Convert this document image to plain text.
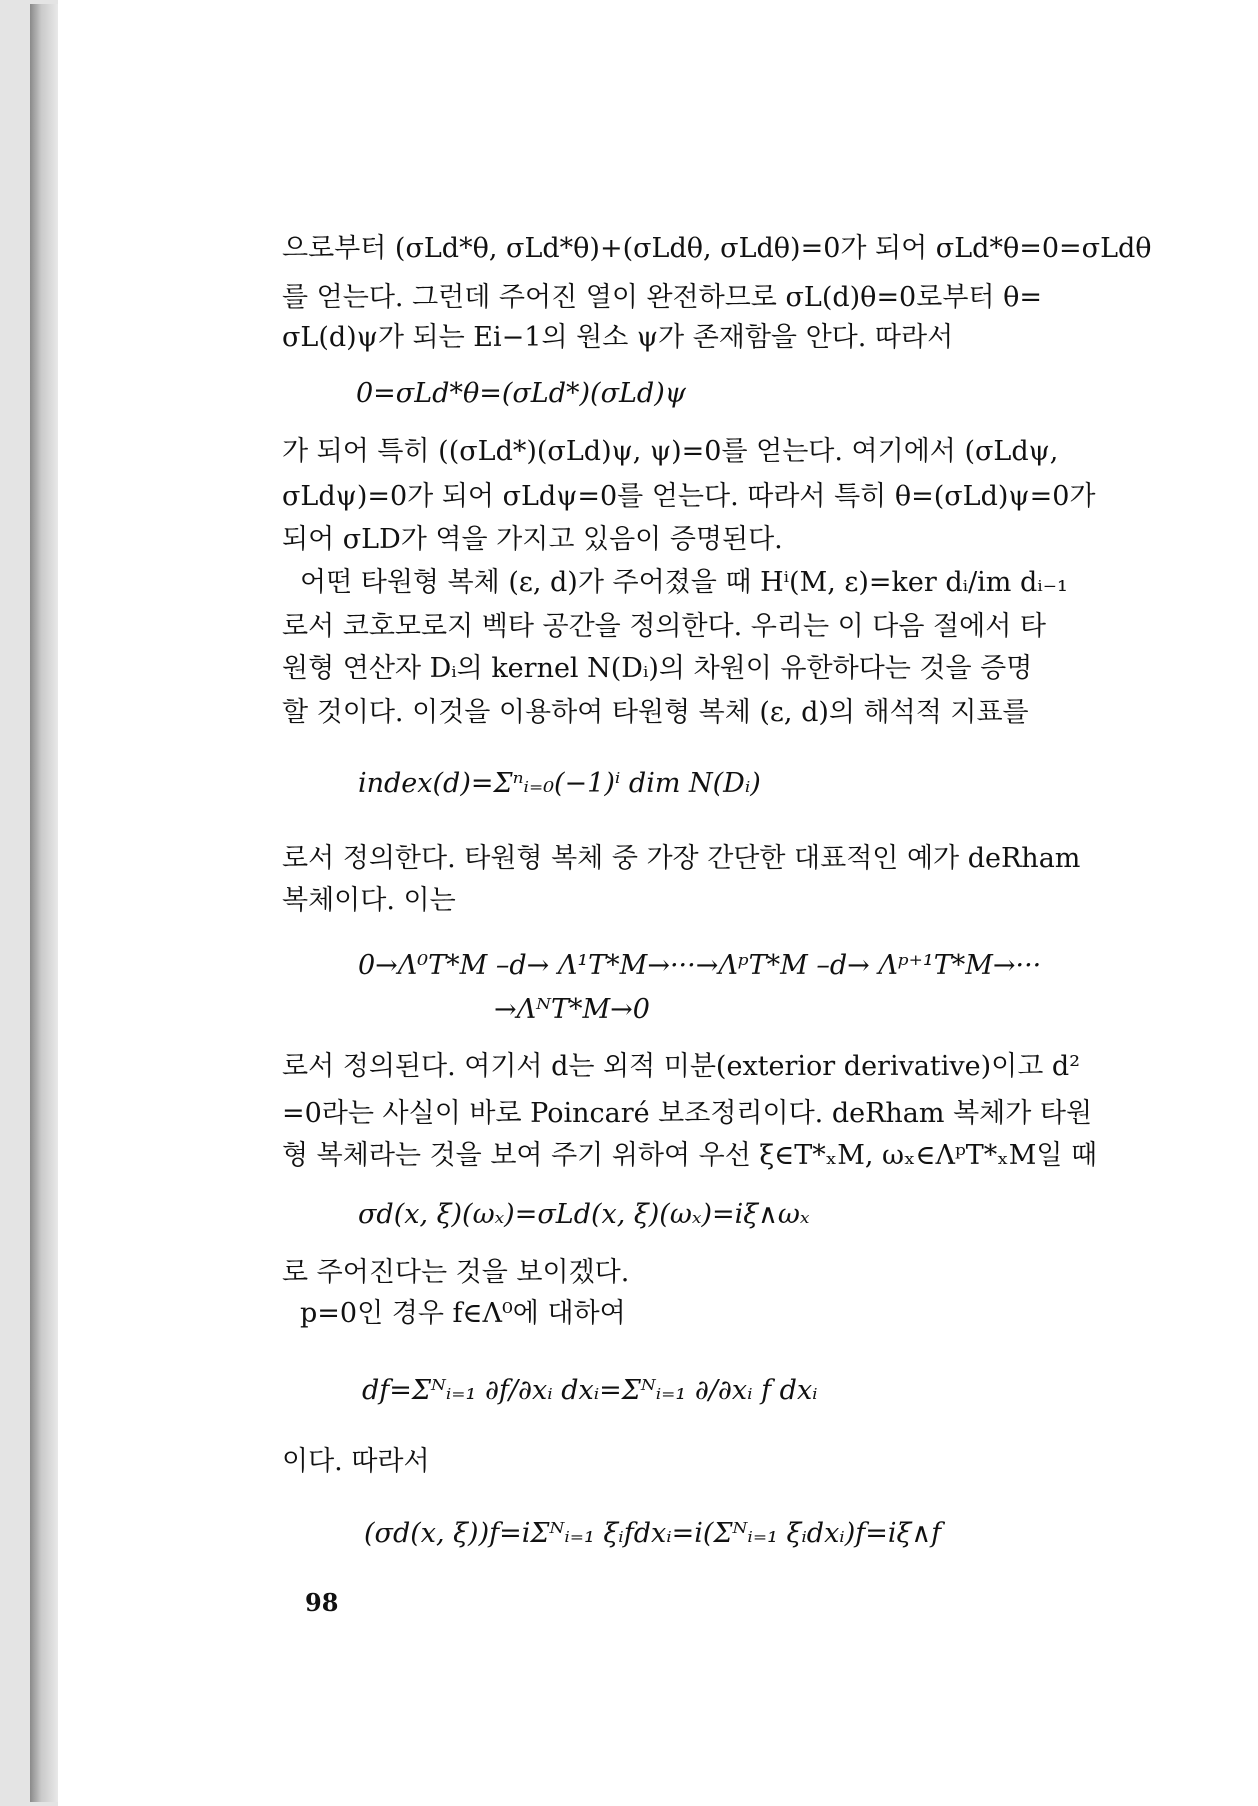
으로부터 (σLd*θ, σLd*θ)+(σLdθ, σLdθ)=0가 되어 σLd*θ=0=σLdθ
를 얻는다. 그런데 주어진 열이 완전하므로 σL(d)θ=0로부터 θ=
σL(d)ψ가 되는 Ei−1의 원소 ψ가 존재함을 안다. 따라서
0=σLd*θ=(σLd*)(σLd)ψ
가 되어 특히 ((σLd*)(σLd)ψ, ψ)=0를 얻는다. 여기에서 (σLdψ,
σLdψ)=0가 되어 σLdψ=0를 얻는다. 따라서 특히 θ=(σLd)ψ=0가
되어 σLD가 역을 가지고 있음이 증명된다.
어떤 타원형 복체 (ε, d)가 주어졌을 때 Hⁱ(M, ε)=ker dᵢ/im dᵢ₋₁
로서 코호모로지 벡타 공간을 정의한다. 우리는 이 다음 절에서 타
원형 연산자 Dᵢ의 kernel N(Dᵢ)의 차원이 유한하다는 것을 증명
할 것이다. 이것을 이용하여 타원형 복체 (ε, d)의 해석적 지표를
index(d)=Σⁿᵢ₌₀(−1)ⁱ dim N(Dᵢ)
로서 정의한다. 타원형 복체 중 가장 간단한 대표적인 예가 deRham
복체이다. 이는
0→Λ⁰T*M –d→ Λ¹T*M→···→ΛᵖT*M –d→ Λᵖ⁺¹T*M→···
→ΛᴺT*M→0
로서 정의된다. 여기서 d는 외적 미분(exterior derivative)이고 d²
=0라는 사실이 바로 Poincaré 보조정리이다. deRham 복체가 타원
형 복체라는 것을 보여 주기 위하여 우선 ξ∈T*ₓM, ωₓ∈ΛᵖT*ₓM일 때
σd(x, ξ)(ωₓ)=σLd(x, ξ)(ωₓ)=iξ∧ωₓ
로 주어진다는 것을 보이겠다.
p=0인 경우 f∈Λ⁰에 대하여
df=Σᴺᵢ₌₁ ∂f/∂xᵢ dxᵢ=Σᴺᵢ₌₁ ∂/∂xᵢ f dxᵢ
이다. 따라서
(σd(x, ξ))f=iΣᴺᵢ₌₁ ξᵢfdxᵢ=i(Σᴺᵢ₌₁ ξᵢdxᵢ)f=iξ∧f
98
